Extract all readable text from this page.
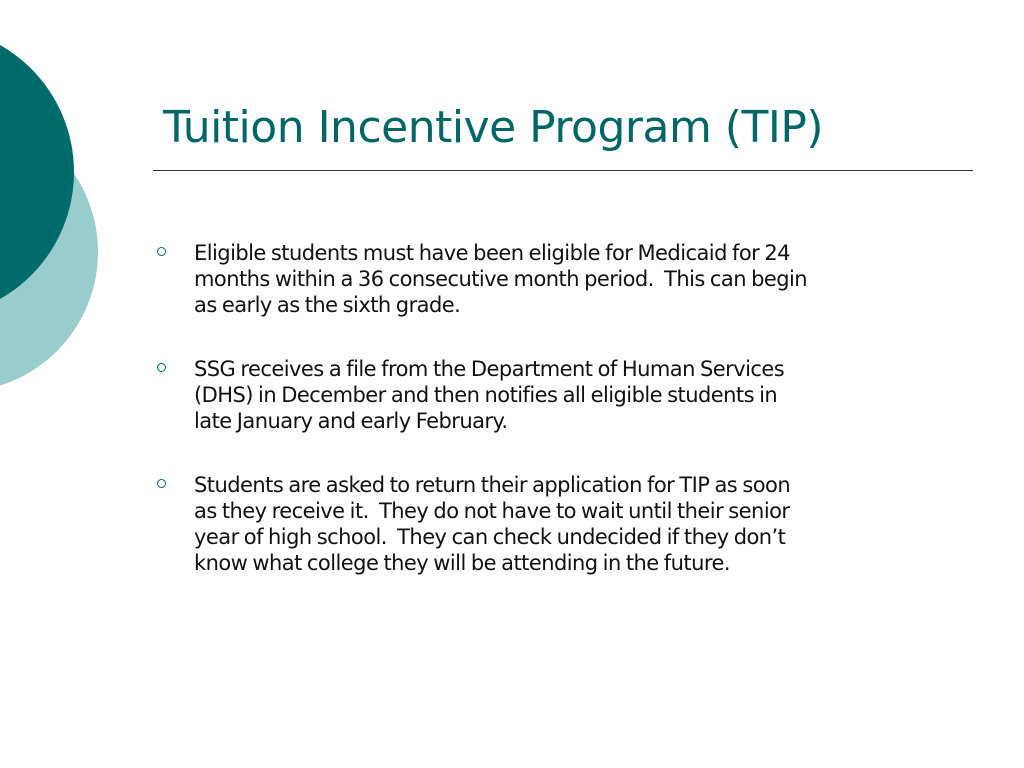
Tuition Incentive Program (TIP)
Eligible students must have been eligible for Medicaid for 24
months within a 36 consecutive month period.  This can begin
as early as the sixth grade.
SSG receives a file from the Department of Human Services
(DHS) in December and then notifies all eligible students in
late January and early February.
Students are asked to return their application for TIP as soon
as they receive it.  They do not have to wait until their senior
year of high school.  They can check undecided if they don’t
know what college they will be attending in the future.
